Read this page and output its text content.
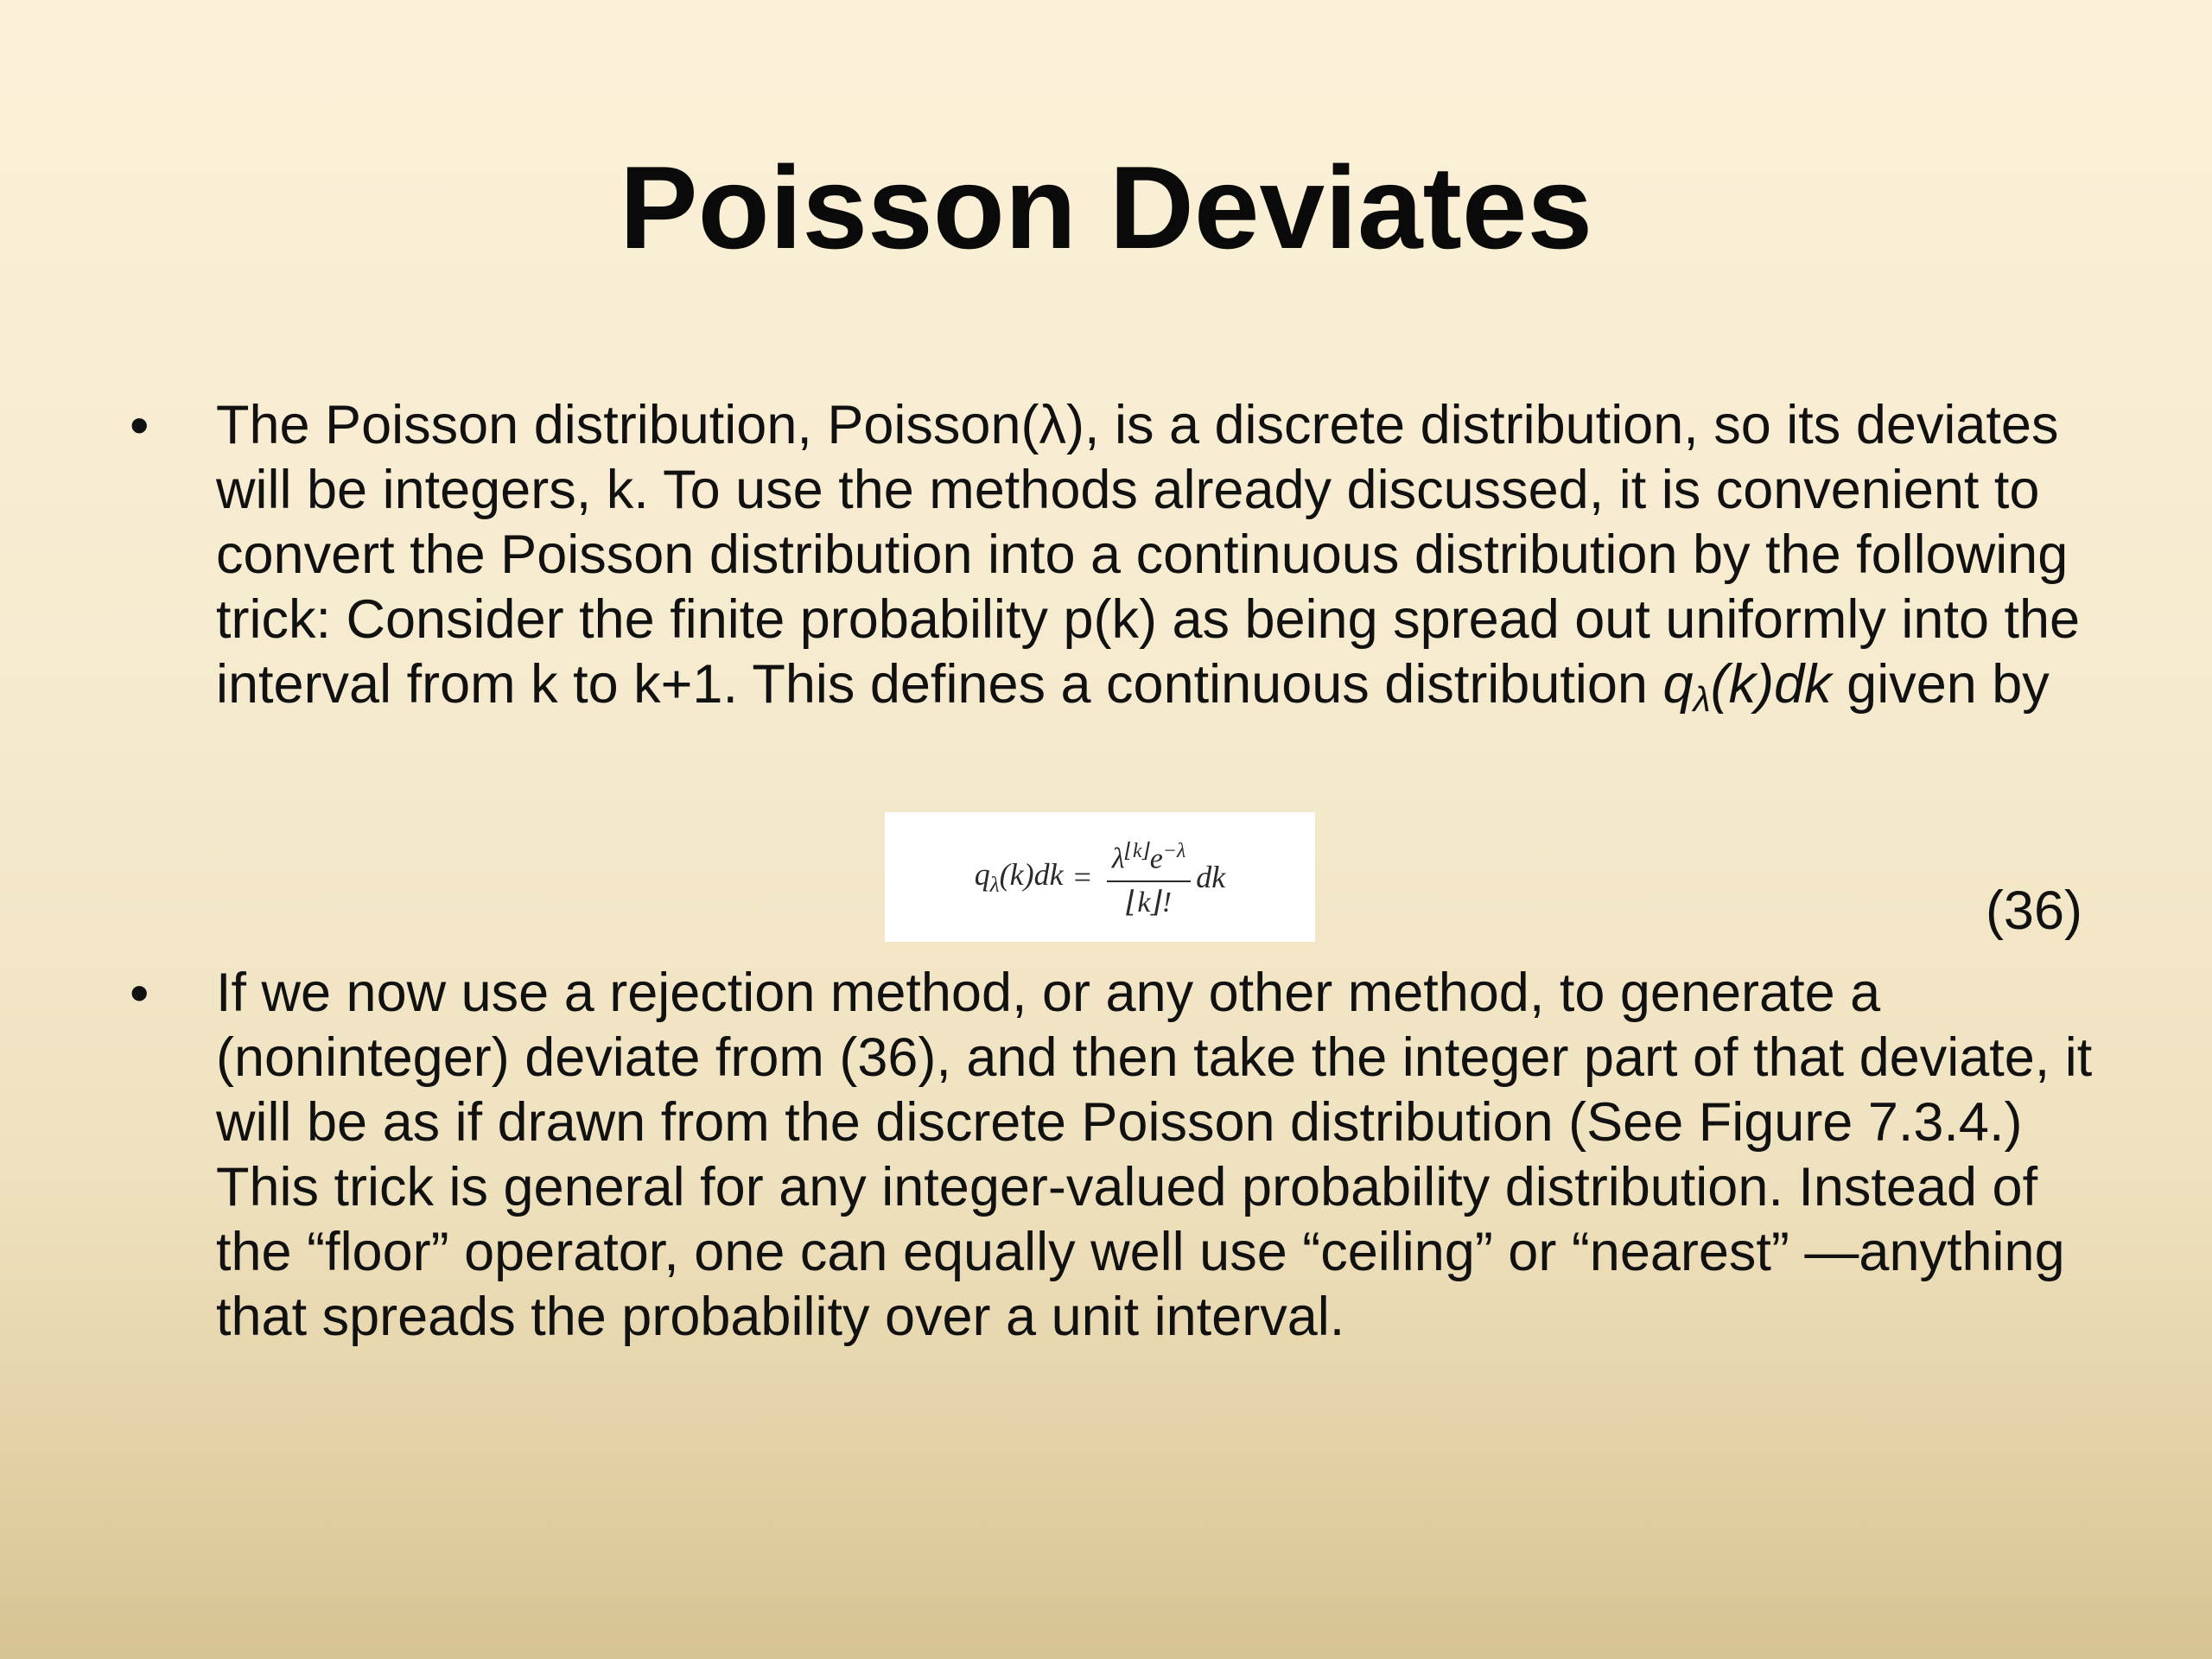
Poisson Deviates
• The Poisson distribution, Poisson(λ), is a discrete distribution, so its deviates will be integers, k. To use the methods already discussed, it is convenient to convert the Poisson distribution into a continuous distribution by the following trick: Consider the finite probability p(k) as being spread out uniformly into the interval from k to k+1. This defines a continuous distribution $q_\lambda(k)dk$ given by
$q_\lambda(k)dk = \frac{\lambda^{⌊k⌋}e^{-\lambda}}{⌊k⌋!}$ dk
(36)
• If we now use a rejection method, or any other method, to generate a (noninteger) deviate from (36), and then take the integer part of that deviate, it will be as if drawn from the discrete Poisson distribution (See Figure 7.3.4.) This trick is general for any integer-valued probability distribution. Instead of the “floor” operator, one can equally well use “ceiling” or “nearest” —anything that spreads the probability over a unit interval.
